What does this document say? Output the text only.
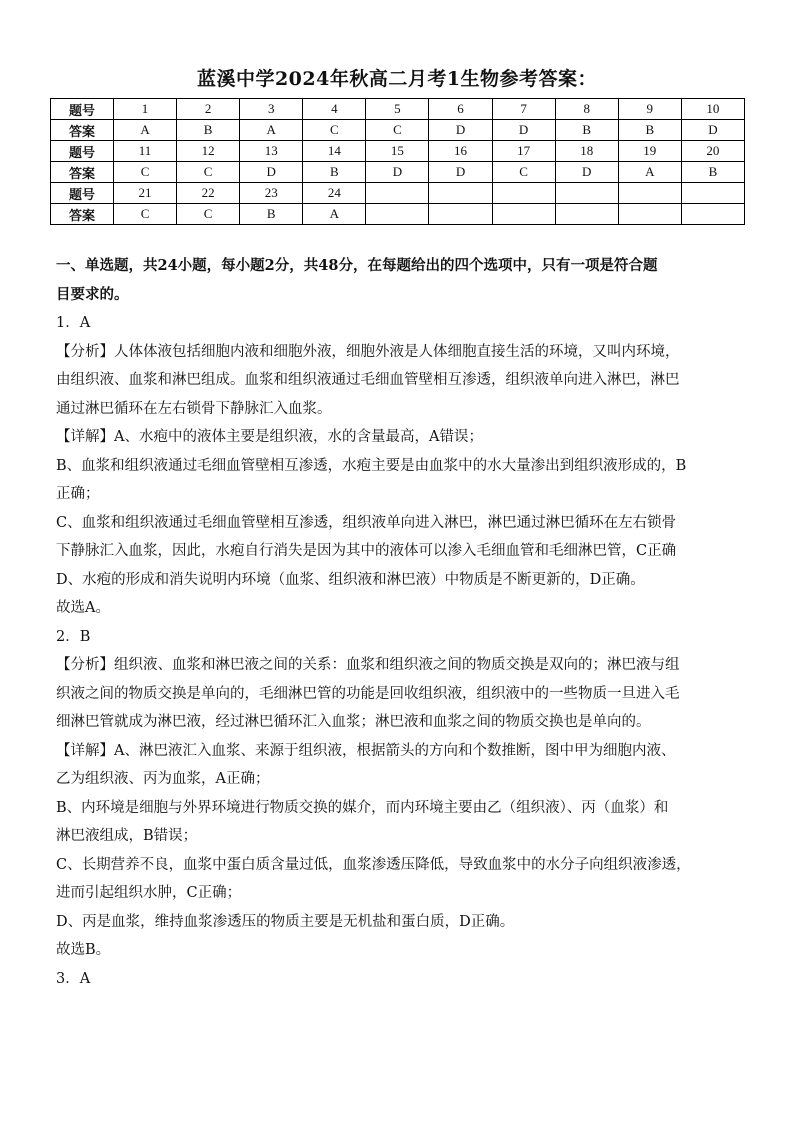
蓝溪中学2024年秋高二月考1生物参考答案：
题号	1	2	3	4	5	6	7	8	9	10
答案	A	B	A	C	C	D	D	B	B	D
题号	11	12	13	14	15	16	17	18	19	20
答案	C	C	D	B	D	D	C	D	A	B
题号	21	22	23	24						
答案	C	C	B	A						

一、单选题，共24小题，每小题2分，共48分，在每题给出的四个选项中，只有一项是符合题

目要求的。

1．A

【分析】人体体液包括细胞内液和细胞外液，细胞外液是人体细胞直接生活的环境，又叫内环境，

由组织液、血浆和淋巴组成。血浆和组织液通过毛细血管壁相互渗透，组织液单向进入淋巴，淋巴

通过淋巴循环在左右锁骨下静脉汇入血浆。

【详解】A、水疱中的液体主要是组织液，水的含量最高，A错误；

B、血浆和组织液通过毛细血管壁相互渗透，水疱主要是由血浆中的水大量渗出到组织液形成的，B

正确；

C、血浆和组织液通过毛细血管壁相互渗透，组织液单向进入淋巴，淋巴通过淋巴循环在左右锁骨

下静脉汇入血浆，因此，水疱自行消失是因为其中的液体可以渗入毛细血管和毛细淋巴管，C正确

D、水疱的形成和消失说明内环境（血浆、组织液和淋巴液）中物质是不断更新的，D正确。

故选A。

2．B

【分析】组织液、血浆和淋巴液之间的关系：血浆和组织液之间的物质交换是双向的；淋巴液与组

织液之间的物质交换是单向的，毛细淋巴管的功能是回收组织液，组织液中的一些物质一旦进入毛

细淋巴管就成为淋巴液，经过淋巴循环汇入血浆；淋巴液和血浆之间的物质交换也是单向的。

【详解】A、淋巴液汇入血浆、来源于组织液，根据箭头的方向和个数推断，图中甲为细胞内液、

乙为组织液、丙为血浆，A正确；

B、内环境是细胞与外界环境进行物质交换的媒介，而内环境主要由乙（组织液）、丙（血浆）和

淋巴液组成，B错误；

C、长期营养不良，血浆中蛋白质含量过低，血浆渗透压降低，导致血浆中的水分子向组织液渗透，

进而引起组织水肿，C正确；

D、丙是血浆，维持血浆渗透压的物质主要是无机盐和蛋白质，D正确。

故选B。

3．A
